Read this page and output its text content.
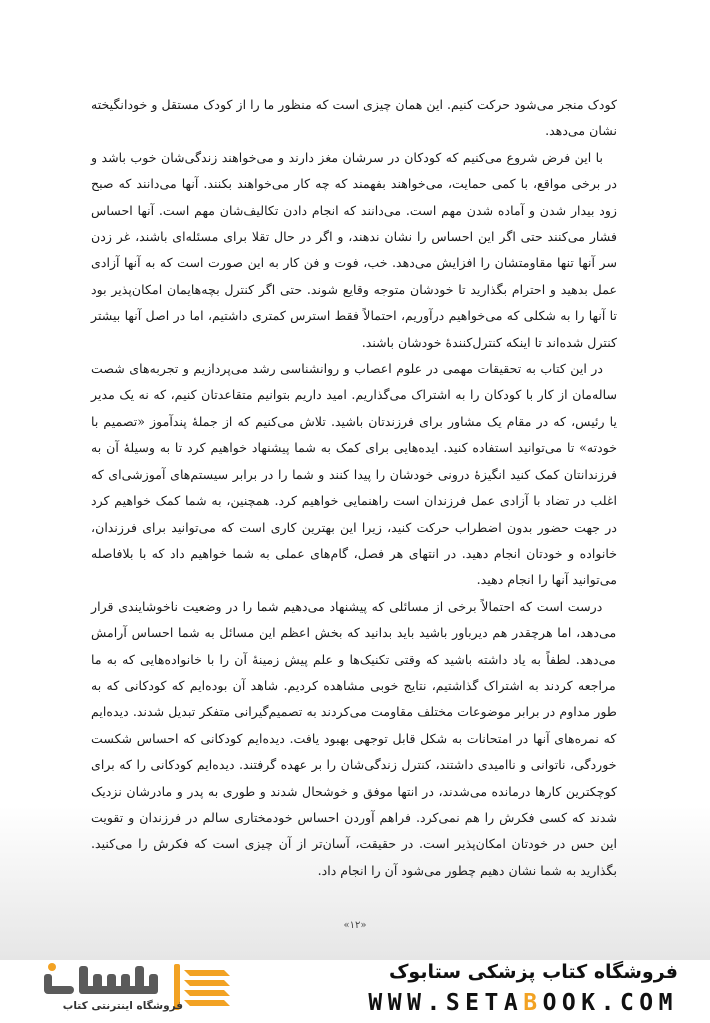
کودک منجر می‌شود حرکت کنیم. این همان چیزی است که منظور ما را از کودک مستقل و خودانگیخته نشان می‌دهد.

با این فرض شروع می‌کنیم که کودکان در سرشان مغز دارند و می‌خواهند زندگی‌شان خوب باشد و در برخی مواقع، با کمی حمایت، می‌خواهند بفهمند که چه کار می‌خواهند بکنند. آنها می‌دانند که صبح زود بیدار شدن و آماده شدن مهم است. می‌دانند که انجام دادن تکالیف‌شان مهم است. آنها احساس فشار می‌کنند حتی اگر این احساس را نشان ندهند، و اگر در حال تقلا برای مسئله‌ای باشند، غر زدن سر آنها تنها مقاومتشان را افزایش می‌دهد. خب، فوت و فن کار به این صورت است که به آنها آزادی عمل بدهید و احترام بگذارید تا خودشان متوجه وقایع شوند. حتی اگر کنترل بچه‌هایمان امکان‌پذیر بود تا آنها را به شکلی که می‌خواهیم درآوریم، احتمالاً فقط استرس کمتری داشتیم، اما در اصل آنها بیشتر کنترل شده‌اند تا اینکه کنترل‌کنندهٔ خودشان باشند.

در این کتاب به تحقیقات مهمی در علوم اعصاب و روانشناسی رشد می‌پردازیم و تجربه‌های شصت ساله‌مان از کار با کودکان را به اشتراک می‌گذاریم. امید داریم بتوانیم متقاعدتان کنیم، که نه یک مدیر یا رئیس، که در مقام یک مشاور برای فرزندتان باشید. تلاش می‌کنیم که از جملهٔ پندآموز «تصمیم با خودته» تا می‌توانید استفاده کنید. ایده‌هایی برای کمک به شما پیشنهاد خواهیم کرد تا به وسیلهٔ آن به فرزندانتان کمک کنید انگیزهٔ درونی خودشان را پیدا کنند و شما را در برابر سیستم‌های آموزشی‌ای که اغلب در تضاد با آزادی عمل فرزندان است راهنمایی خواهیم کرد. همچنین، به شما کمک خواهیم کرد در جهت حضور بدون اضطراب حرکت کنید، زیرا این بهترین کاری است که می‌توانید برای فرزندان، خانواده و خودتان انجام دهید. در انتهای هر فصل، گام‌های عملی به شما خواهیم داد که با بلافاصله می‌توانید آنها را انجام دهید.

درست است که احتمالاً برخی از مسائلی که پیشنهاد می‌دهیم شما را در وضعیت ناخوشایندی قرار می‌دهد، اما هرچقدر هم دیرباور باشید باید بدانید که بخش اعظم این مسائل به شما احساس آرامش می‌دهد. لطفاً به یاد داشته باشید که وقتی تکنیک‌ها و علم پیش زمینهٔ آن را با خانواده‌هایی که به ما مراجعه کردند به اشتراک گذاشتیم، نتایج خوبی مشاهده کردیم. شاهد آن بوده‌ایم که کودکانی که به طور مداوم در برابر موضوعات مختلف مقاومت می‌کردند به تصمیم‌گیرانی متفکر تبدیل شدند. دیده‌ایم که نمره‌های آنها در امتحانات به شکل قابل توجهی بهبود یافت. دیده‌ایم کودکانی که احساس شکست خوردگی، ناتوانی و ناامیدی داشتند، کنترل زندگی‌شان را بر عهده گرفتند. دیده‌ایم کودکانی را که برای کوچکترین کارها درمانده می‌شدند، در انتها موفق و خوشحال شدند و طوری به پدر و مادرشان نزدیک شدند که کسی فکرش را هم نمی‌کرد. فراهم آوردن احساس خودمختاری سالم در فرزندان و تقویت این حس در خودتان امکان‌پذیر است. در حقیقت، آسان‌تر از آن چیزی است که فکرش را می‌کنید. بگذارید به شما نشان دهیم چطور می‌شود آن را انجام داد.

«۱۲»
فروشگاه کتاب پزشکی ستابوک
WWW.SETABOOK.COM
فروشگاه اینترنتی کتاب
